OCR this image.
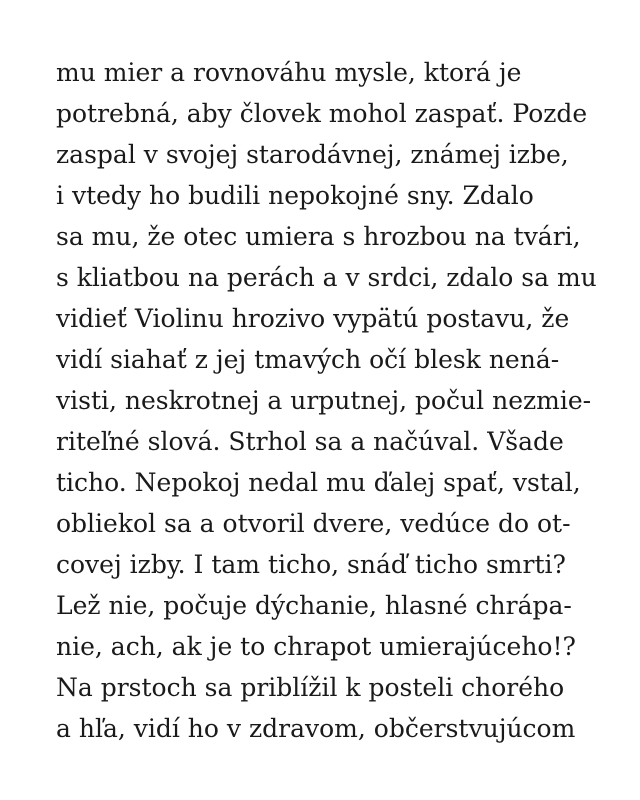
mu mier a rovnováhu mysle, ktorá je
potrebná, aby človek mohol zaspať. Pozde
zaspal v svojej starodávnej, známej izbe,
i vtedy ho budili nepokojné sny. Zdalo
sa mu, že otec umiera s hrozbou na tvári,
s kliatbou na perách a v srdci, zdalo sa mu
vidieť Violinu hrozivo vypätú postavu, že
vidí siahať z jej tmavých očí blesk nená-
visti, neskrotnej a urputnej, počul nezmie-
riteľné slová. Strhol sa a načúval. Všade
ticho. Nepokoj nedal mu ďalej spať, vstal,
obliekol sa a otvoril dvere, vedúce do ot-
covej izby. I tam ticho, snáď ticho smrti?
Lež nie, počuje dýchanie, hlasné chrápa-
nie, ach, ak je to chrapot umierajúceho!?
Na prstoch sa priblížil k posteli chorého
a hľa, vidí ho v zdravom, občerstvujúcom
